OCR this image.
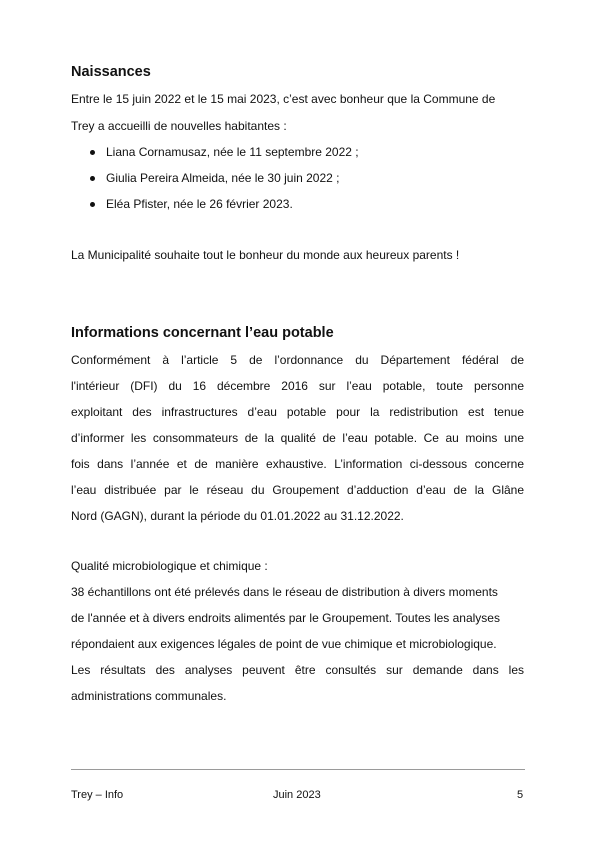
Naissances
Entre le 15 juin 2022 et le 15 mai 2023, c’est avec bonheur que la Commune de
Trey a accueilli de nouvelles habitantes :
Liana Cornamusaz, née le 11 septembre 2022 ;
Giulia Pereira Almeida, née le 30 juin 2022 ;
Eléa Pfister, née le 26 février 2023.
La Municipalité souhaite tout le bonheur du monde aux heureux parents !
Informations concernant l’eau potable
Conformément à l’article 5 de l’ordonnance du Département fédéral de
l'intérieur (DFI) du 16 décembre 2016 sur l’eau potable, toute personne
exploitant des infrastructures d’eau potable pour la redistribution est tenue
d’informer les consommateurs de la qualité de l’eau potable. Ce au moins une
fois dans l’année et de manière exhaustive. L’information ci-dessous concerne
l’eau distribuée par le réseau du Groupement d’adduction d’eau de la Glâne
Nord (GAGN), durant la période du 01.01.2022 au 31.12.2022.
Qualité microbiologique et chimique :
38 échantillons ont été prélevés dans le réseau de distribution à divers moments
de l'année et à divers endroits alimentés par le Groupement. Toutes les analyses
répondaient aux exigences légales de point de vue chimique et microbiologique.
Les résultats des analyses peuvent être consultés sur demande dans les
administrations communales.
Trey – Info	Juin 2023	5
